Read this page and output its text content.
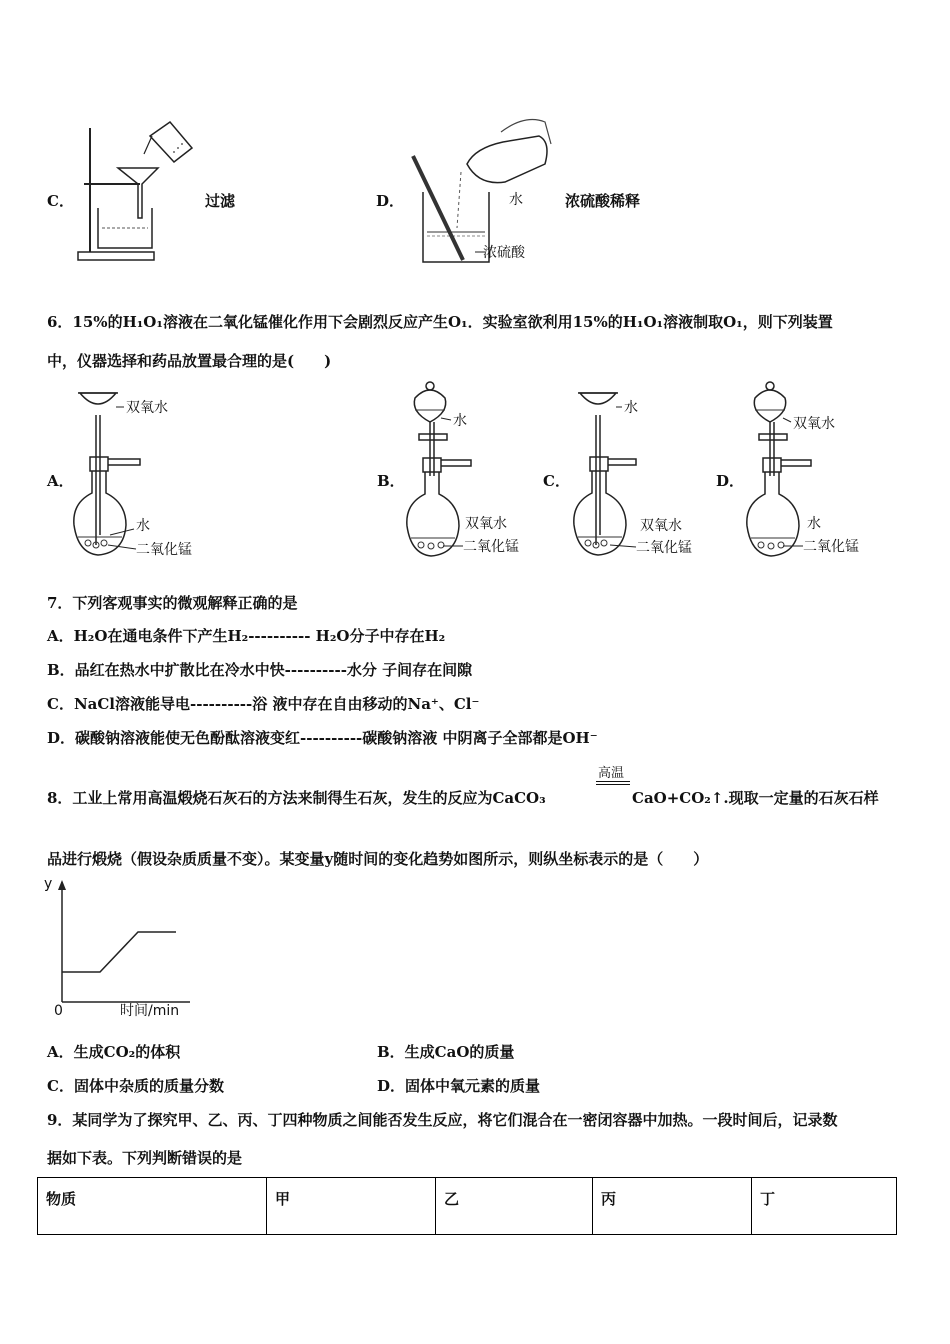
C．	过滤	D．	水
浓硫酸
浓硫酸稀释
6．15%的H₁O₁溶液在二氧化锰催化作用下会剧烈反应产生O₁．实验室欲利用15%的H₁O₁溶液制取O₁，则下列装置
中，仪器选择和药品放置最合理的是(　　)
A．
双氧水
水
二氧化锰
B．
水
双氧水
二氧化锰
C．
水
双氧水
二氧化锰
D．
双氧水
水
二氧化锰
7．下列客观事实的微观解释正确的是
A．H₂O在通电条件下产生H₂---------- H₂O分子中存在H₂
B．品红在热水中扩散比在冷水中快----------水分 子间存在间隙
C．NaCl溶液能导电----------浴 液中存在自由移动的Na⁺、Cl⁻
D．碳酸钠溶液能使无色酚酞溶液变红----------碳酸钠溶液 中阴离子全部都是OH⁻
8．工业上常用高温煅烧石灰石的方法来制得生石灰，发生的反应为CaCO₃
高温
CaO+CO₂↑.现取一定量的石灰石样
品进行煅烧（假设杂质质量不变）。某变量y随时间的变化趋势如图所示，则纵坐标表示的是（　　）
y
0	时间/min
A．生成CO₂的体积	B．生成CaO的质量
C．固体中杂质的质量分数	D．固体中氧元素的质量
9．某同学为了探究甲、乙、丙、丁四种物质之间能否发生反应，将它们混合在一密闭容器中加热。一段时间后，记录数
据如下表。下列判断错误的是
物质	甲	乙	丙	丁
